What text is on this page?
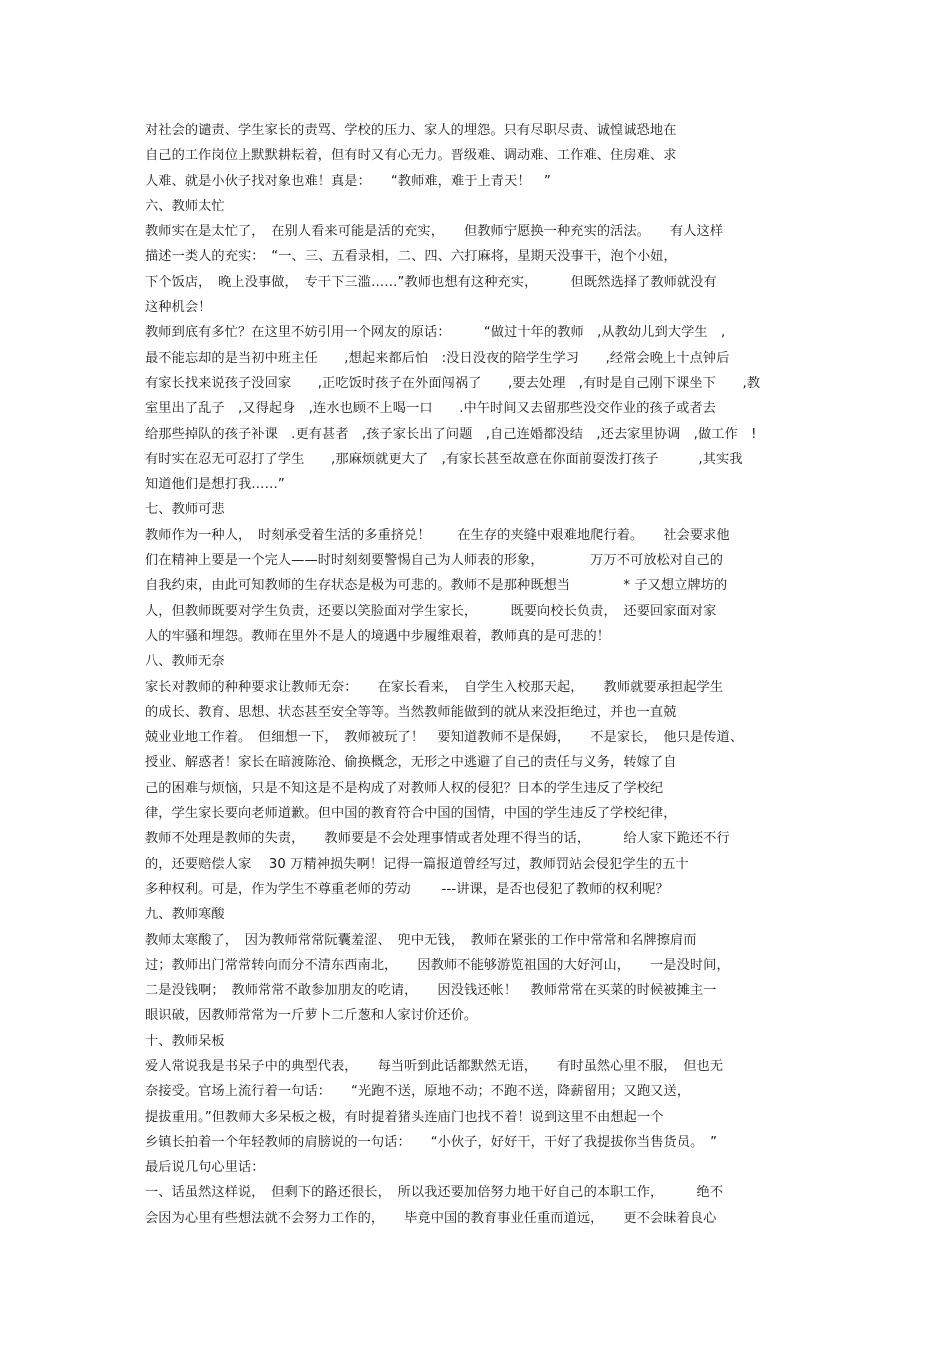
对社会的谴责、学生家长的责骂、学校的压力、家人的埋怨。只有尽职尽责、诚惶诚恐地在
自己的工作岗位上默默耕耘着，但有时又有心无力。晋级难、调动难、工作难、住房难、求
人难、就是小伙子找对象也难！真是：　　“教师难，难于上青天！　”
六、教师太忙
教师实在是太忙了，　在别人看来可能是活的充实，　　但教师宁愿换一种充实的活法。　　有人这样
描述一类人的充实：　“一、三、五看录相，二、四、六打麻将，星期天没事干，泡个小妞，
下个饭店，　晚上没事做，　专干下三滥……”教师也想有这种充实，　　　但既然选择了教师就没有
这种机会！
教师到底有多忙？在这里不妨引用一个网友的原话：　　　“做过十年的教师　,从教幼儿到大学生　,
最不能忘却的是当初中班主任　　,想起来都后怕　:没日没夜的陪学生学习　　,经常会晚上十点钟后
有家长找来说孩子没回家　　,正吃饭时孩子在外面闯祸了　　,要去处理　,有时是自己刚下课坐下　　,教
室里出了乱子　,又得起身　,连水也顾不上喝一口　　.中午时间又去留那些没交作业的孩子或者去
给那些掉队的孩子补课　.更有甚者　,孩子家长出了问题　,自己连婚都没结　,还去家里协调　,做工作　!
有时实在忍无可忍打了学生　　,那麻烦就更大了　,有家长甚至故意在你面前耍泼打孩子　　　,其实我
知道他们是想打我……”
七、教师可悲
教师作为一种人，　时刻承受着生活的多重挤兑！　　在生存的夹缝中艰难地爬行着。　　社会要求他
们在精神上要是一个完人——时时刻刻要警惕自己为人师表的形象，　　　　万万不可放松对自己的
自我约束，由此可知教师的生存状态是极为可悲的。教师不是那种既想当　　　　* 子又想立牌坊的
人，但教师既要对学生负责，还要以笑脸面对学生家长，　　　既要向校长负责，　还要回家面对家
人的牢骚和埋怨。教师在里外不是人的境遇中步履维艰着，教师真的是可悲的！
八、教师无奈
家长对教师的种种要求让教师无奈：　　在家长看来，　自学生入校那天起，　　教师就要承担起学生
的成长、教育、思想、状态甚至安全等等。当然教师能做到的就从来没拒绝过，并也一直兢
兢业业地工作着。　但细想一下，　教师被玩了！　要知道教师不是保姆，　　不是家长，　他只是传道、
授业、解惑者！家长在暗渡陈沧、偷换概念，无形之中逃避了自己的责任与义务，转嫁了自
己的困难与烦恼，只是不知这是不是构成了对教师人权的侵犯？日本的学生违反了学校纪
律，学生家长要向老师道歉。但中国的教育符合中国的国情，中国的学生违反了学校纪律，
教师不处理是教师的失责，　　教师要是不会处理事情或者处理不得当的话，　　　给人家下跪还不行
的，还要赔偿人家　 30 万精神损失啊！记得一篇报道曾经写过，教师罚站会侵犯学生的五十
多种权利。可是，作为学生不尊重老师的劳动　　 ---讲课，是否也侵犯了教师的权利呢？
九、教师寒酸
教师太寒酸了，　因为教师常常阮囊羞涩、　兜中无钱，　教师在紧张的工作中常常和名牌擦肩而
过；教师出门常常转向而分不清东西南北，　　因教师不能够游览祖国的大好河山，　　一是没时间，
二是没钱啊；　教师常常不敢参加朋友的吃请，　　因没钱还帐！　教师常常在买菜的时候被摊主一
眼识破，因教师常常为一斤萝卜二斤葱和人家讨价还价。
十、教师呆板
爱人常说我是书呆子中的典型代表，　　每当听到此话都默然无语，　　有时虽然心里不服，　但也无
奈接受。官场上流行着一句话：　　“光跑不送，原地不动；不跑不送，降薪留用；又跑又送，
提拔重用。”但教师大多呆板之极，有时提着猪头连庙门也找不着！说到这里不由想起一个
乡镇长拍着一个年轻教师的肩膀说的一句话：　　“小伙子，好好干，干好了我提拔你当售货员。　”
最后说几句心里话：
一、话虽然这样说，　但剩下的路还很长，　所以我还要加倍努力地干好自己的本职工作，　　　绝不
会因为心里有些想法就不会努力工作的，　　毕竟中国的教育事业任重而道远，　　更不会昧着良心
